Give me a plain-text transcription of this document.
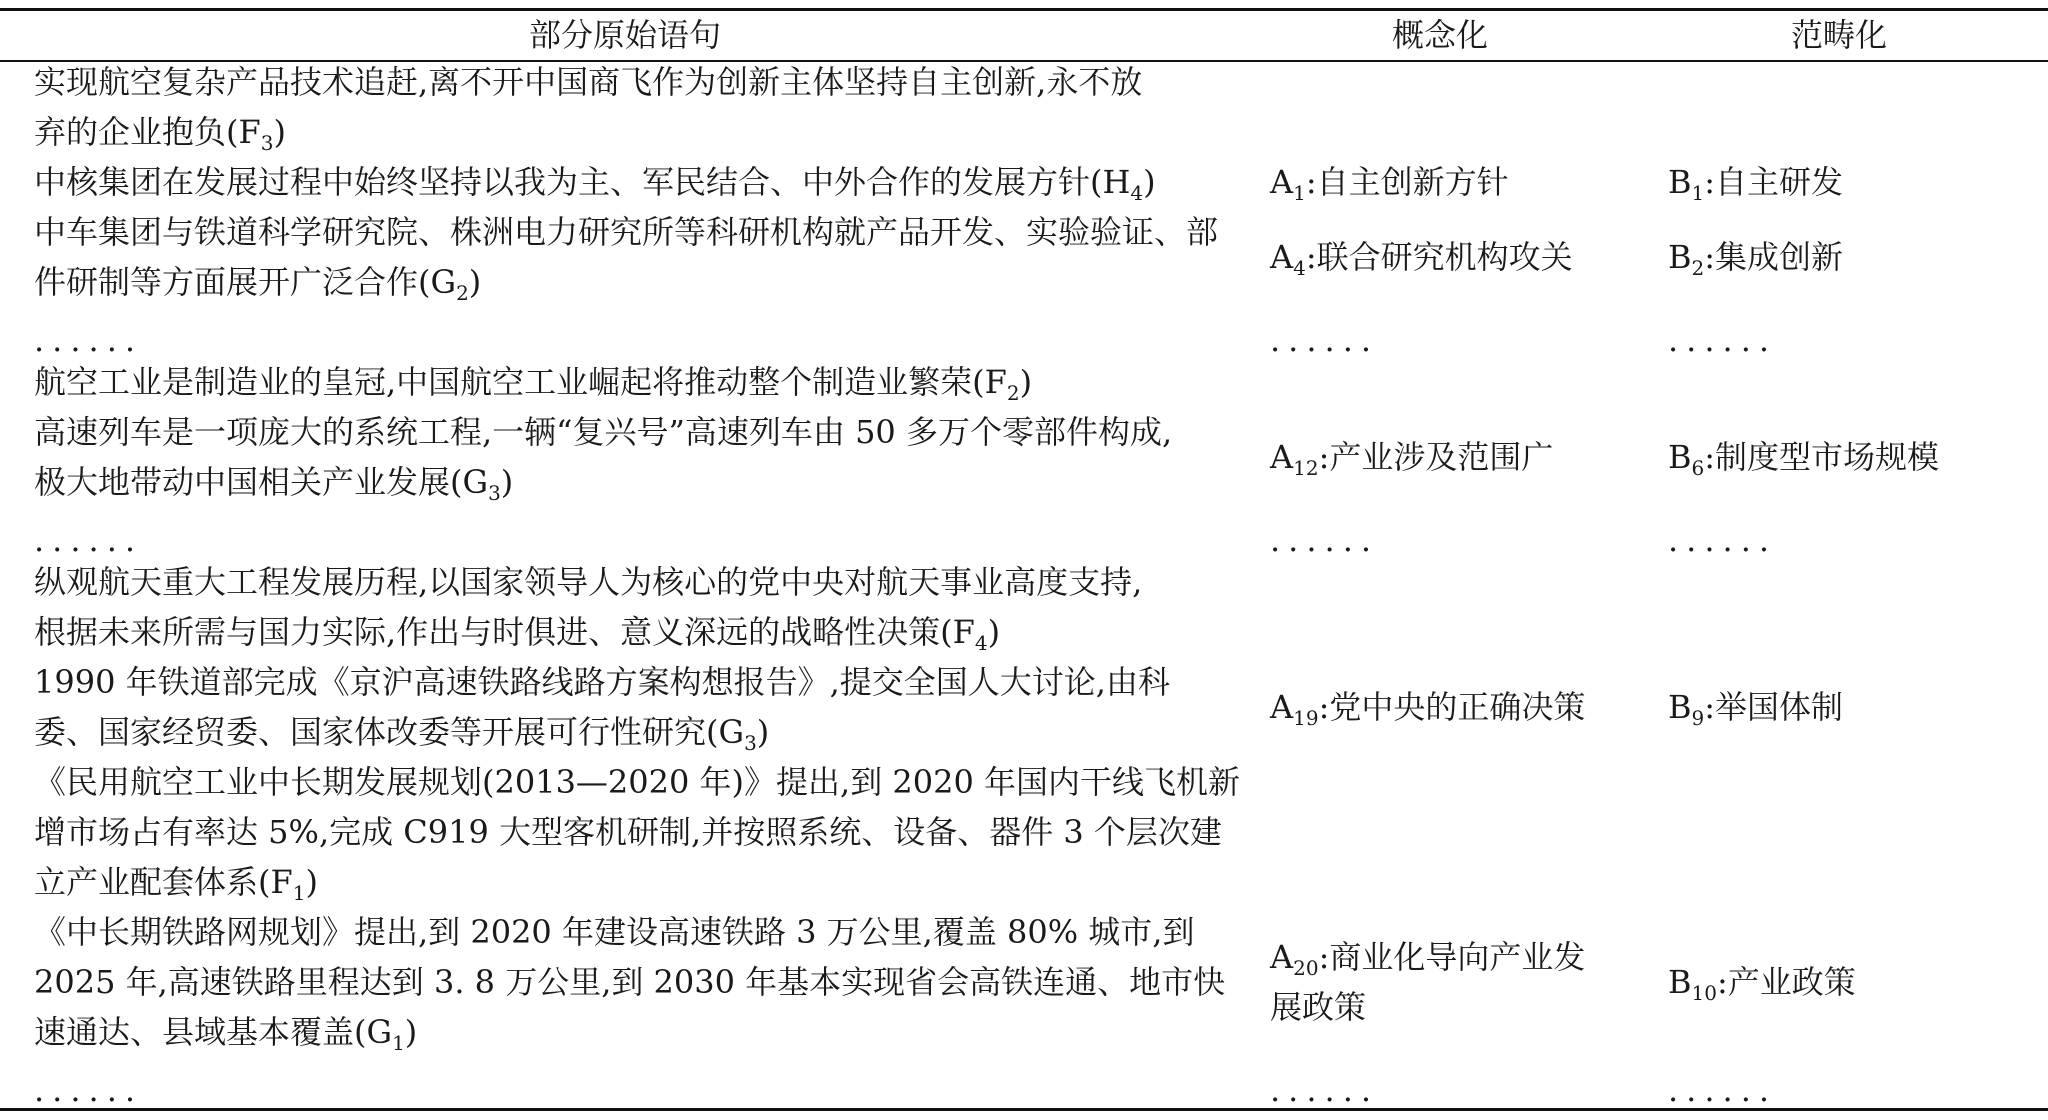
部分原始语句	概念化	范畴化
实现航空复杂产品技术追赶,离不开中国商飞作为创新主体坚持自主创新,永不放
弃的企业抱负$(F_3)$
中核集团在发展过程中始终坚持以我为主、军民结合、中外合作的发展方针$(H_4)$
中车集团与铁道科学研究院、株洲电力研究所等科研机构就产品开发、实验验证、部
件研制等方面展开广泛合作$(G_2)$
......
航空工业是制造业的皇冠,中国航空工业崛起将推动整个制造业繁荣$(F_2)$
高速列车是一项庞大的系统工程,一辆“复兴号”高速列车由 50 多万个零部件构成,
极大地带动中国相关产业发展$(G_3)$
......
纵观航天重大工程发展历程,以国家领导人为核心的党中央对航天事业高度支持,
根据未来所需与国力实际,作出与时俱进、意义深远的战略性决策$(F_4)$
1990 年铁道部完成《京沪高速铁路线路方案构想报告》,提交全国人大讨论,由科
委、国家经贸委、国家体改委等开展可行性研究$(G_3)$
《民用航空工业中长期发展规划(2013—2020 年)》提出,到 2020 年国内干线飞机新
增市场占有率达 5%,完成 C919 大型客机研制,并按照系统、设备、器件 3 个层次建
立产业配套体系$(F_1)$
《中长期铁路网规划》提出,到 2020 年建设高速铁路 3 万公里,覆盖 80% 城市,到
2025 年,高速铁路里程达到 3. 8 万公里,到 2030 年基本实现省会高铁连通、地市快
速通达、县域基本覆盖$(G_1)$
......
$A_1$:自主创新方针
$A_4$:联合研究机构攻关
......
$A_{12}$:产业涉及范围广
......
$A_{19}$:党中央的正确决策
$A_{20}$:商业化导向产业发
展政策
......
$B_1$:自主研发
$B_2$:集成创新
......
$B_6$:制度型市场规模
......
$B_9$:举国体制
$B_{10}$:产业政策
......
